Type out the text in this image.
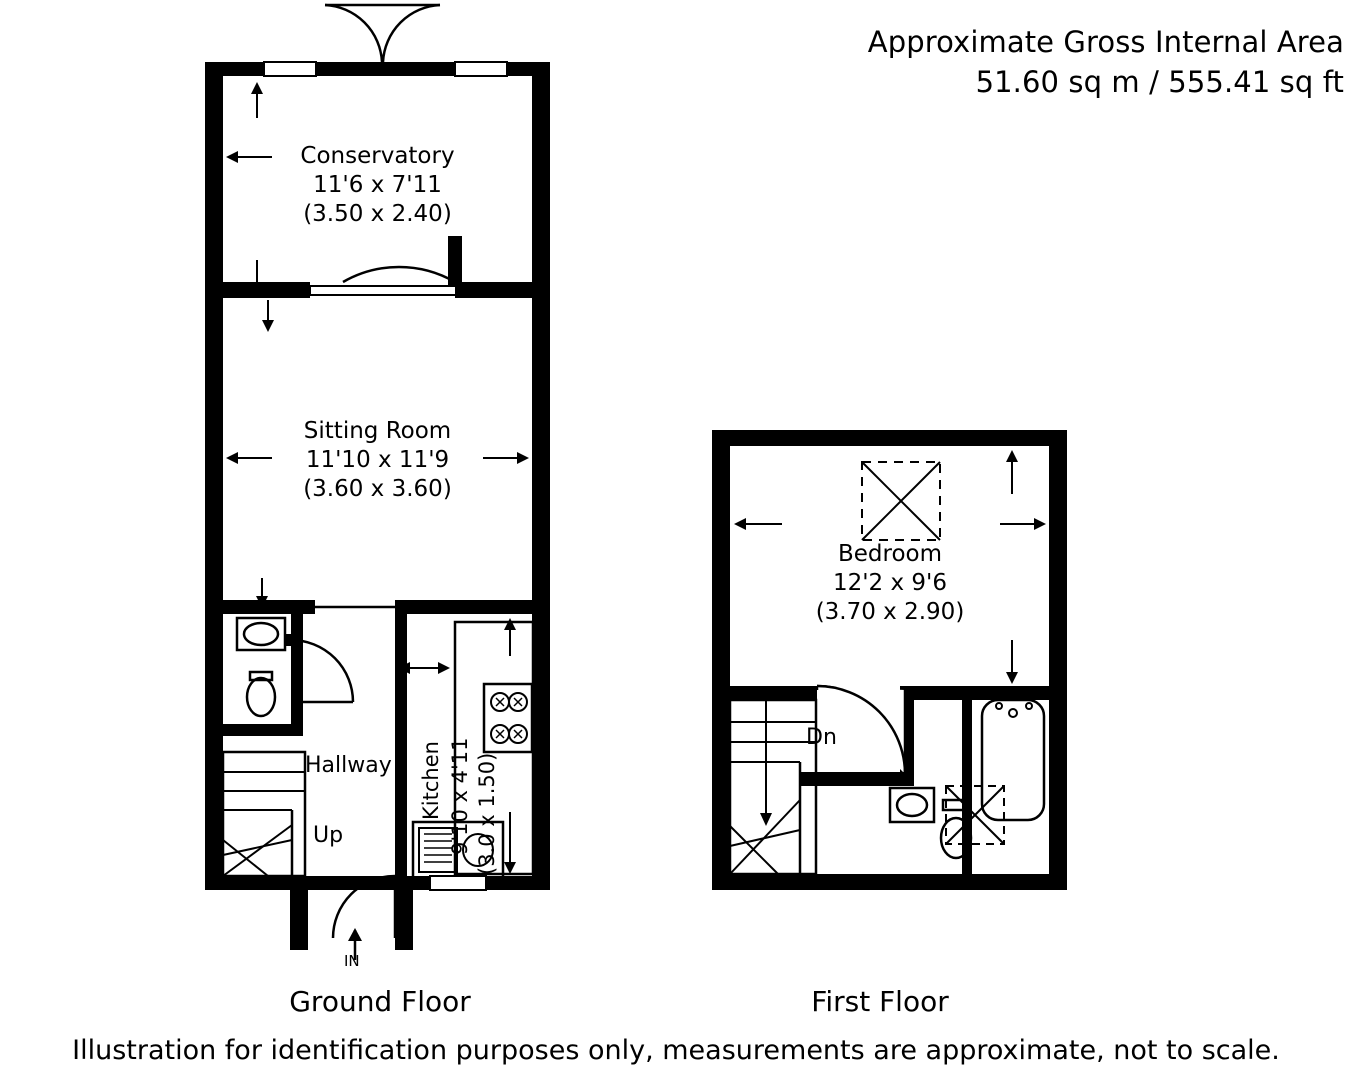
Approximate Gross Internal Area
51.60 sq m / 555.41 sq ft
Conservatory
11'6 x 7'11
(3.50 x 2.40)
Sitting Room
11'10 x 11'9
(3.60 x 3.60)
Kitchen 9'10 x 4'11 (3.0 x 1.50)
Hallway
Up
IN
Bedroom
12'2 x 9'6
(3.70 x 2.90)
Dn
Ground Floor	First Floor
Illustration for identification purposes only, measurements are approximate, not to scale.
